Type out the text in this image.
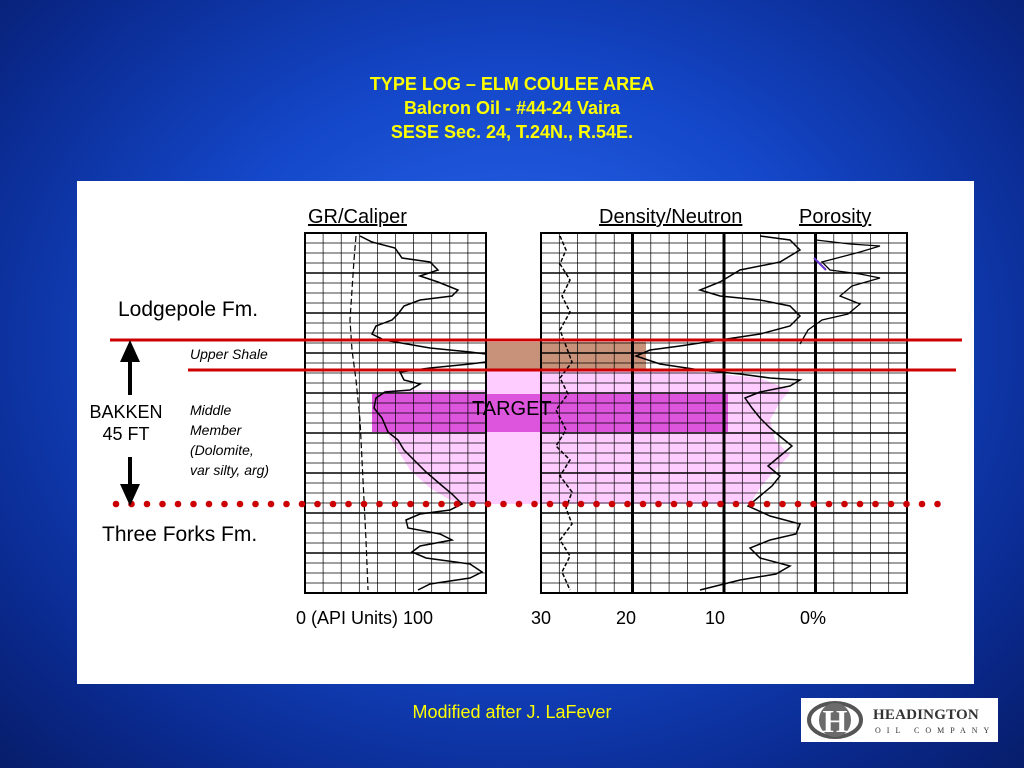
TYPE LOG – ELM COULEE AREA
Balcron Oil - #44-24 Vaira
SESE Sec. 24, T.24N., R.54E.
GR/Caliper	Density/Neutron	Porosity
Lodgepole Fm.
Upper Shale
Middle
Member
(Dolomite,
var silty, arg)
Three Forks Fm.
BAKKEN
45 FT
TARGET
0 (API Units) 100	30	20	10	0%
Modified after J. LaFever	H HEADINGTON
OIL COMPANY
